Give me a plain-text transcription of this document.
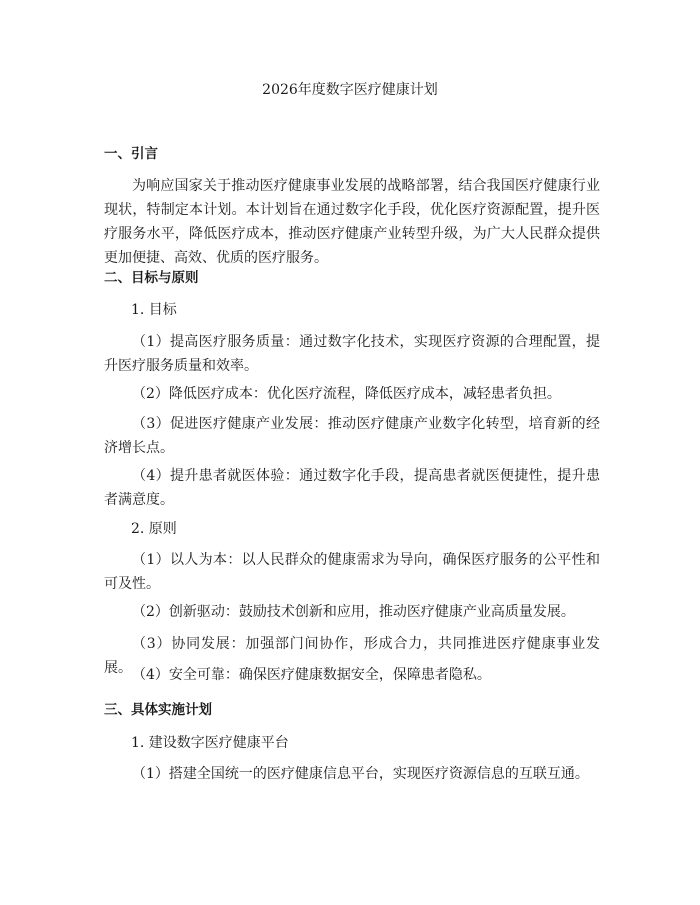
2026年度数字医疗健康计划
一、引言
为响应国家关于推动医疗健康事业发展的战略部署，结合我国医疗健康行业现状，特制定本计划。本计划旨在通过数字化手段，优化医疗资源配置，提升医疗服务水平，降低医疗成本，推动医疗健康产业转型升级，为广大人民群众提供更加便捷、高效、优质的医疗服务。
二、目标与原则
1. 目标
（1）提高医疗服务质量：通过数字化技术，实现医疗资源的合理配置，提升医疗服务质量和效率。
（2）降低医疗成本：优化医疗流程，降低医疗成本，减轻患者负担。
（3）促进医疗健康产业发展：推动医疗健康产业数字化转型，培育新的经济增长点。
（4）提升患者就医体验：通过数字化手段，提高患者就医便捷性，提升患者满意度。
2. 原则
（1）以人为本：以人民群众的健康需求为导向，确保医疗服务的公平性和可及性。
（2）创新驱动：鼓励技术创新和应用，推动医疗健康产业高质量发展。
（3）协同发展：加强部门间协作，形成合力，共同推进医疗健康事业发展。 （4）安全可靠：确保医疗健康数据安全，保障患者隐私。
三、具体实施计划
1. 建设数字医疗健康平台
（1）搭建全国统一的医疗健康信息平台，实现医疗资源信息的互联互通。
